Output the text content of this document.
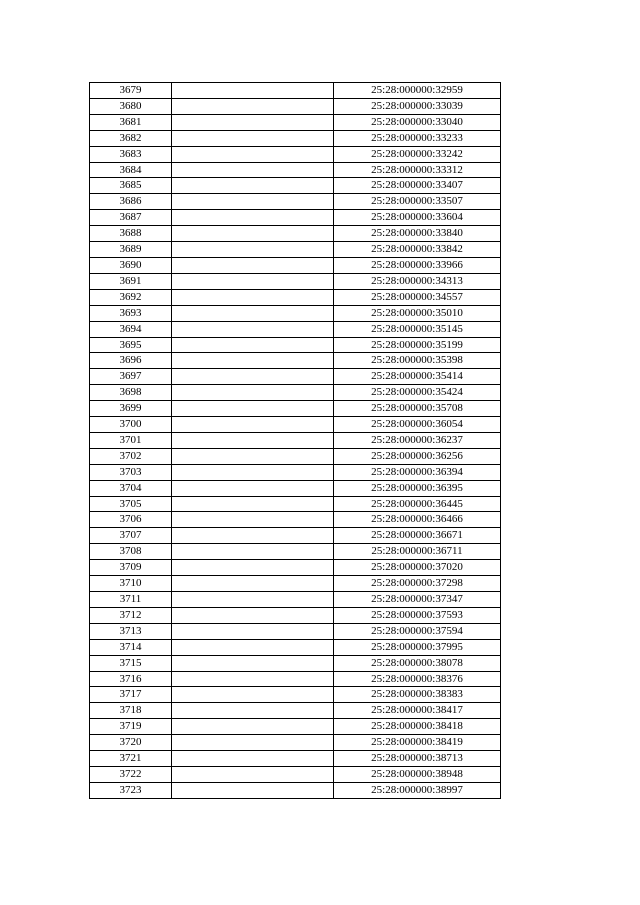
3679		25:28:000000:32959
3680		25:28:000000:33039
3681		25:28:000000:33040
3682		25:28:000000:33233
3683		25:28:000000:33242
3684		25:28:000000:33312
3685		25:28:000000:33407
3686		25:28:000000:33507
3687		25:28:000000:33604
3688		25:28:000000:33840
3689		25:28:000000:33842
3690		25:28:000000:33966
3691		25:28:000000:34313
3692		25:28:000000:34557
3693		25:28:000000:35010
3694		25:28:000000:35145
3695		25:28:000000:35199
3696		25:28:000000:35398
3697		25:28:000000:35414
3698		25:28:000000:35424
3699		25:28:000000:35708
3700		25:28:000000:36054
3701		25:28:000000:36237
3702		25:28:000000:36256
3703		25:28:000000:36394
3704		25:28:000000:36395
3705		25:28:000000:36445
3706		25:28:000000:36466
3707		25:28:000000:36671
3708		25:28:000000:36711
3709		25:28:000000:37020
3710		25:28:000000:37298
3711		25:28:000000:37347
3712		25:28:000000:37593
3713		25:28:000000:37594
3714		25:28:000000:37995
3715		25:28:000000:38078
3716		25:28:000000:38376
3717		25:28:000000:38383
3718		25:28:000000:38417
3719		25:28:000000:38418
3720		25:28:000000:38419
3721		25:28:000000:38713
3722		25:28:000000:38948
3723		25:28:000000:38997
